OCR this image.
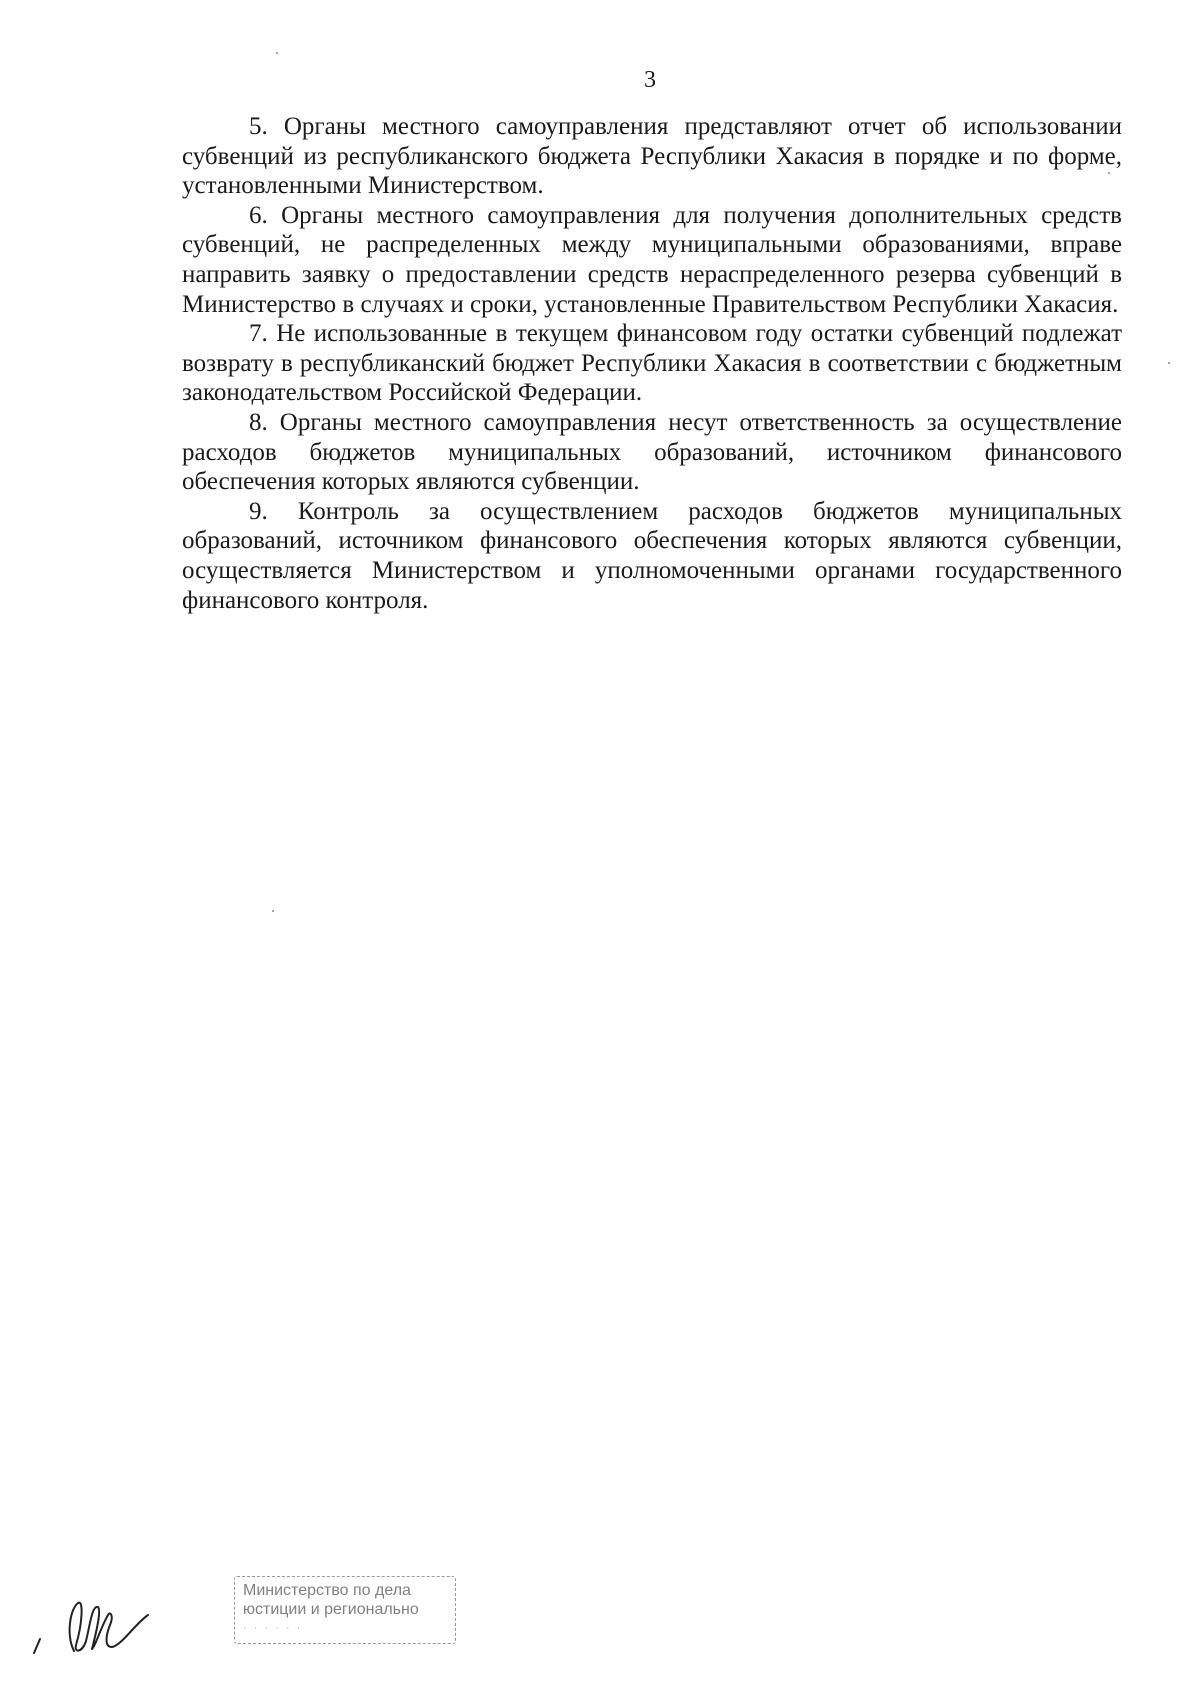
3

5. Органы местного самоуправления представляют отчет об использовании субвенций из республиканского бюджета Республики Хакасия в порядке и по форме, установленными Министерством.

6. Органы местного самоуправления для получения дополнительных средств субвенций, не распределенных между муниципальными образованиями, вправе направить заявку о предоставлении средств нераспределенного резерва субвенций в Министерство в случаях и сроки, установленные Правительством Республики Хакасия.

7. Не использованные в текущем финансовом году остатки субвенций подлежат возврату в республиканский бюджет Республики Хакасия в соответствии с бюджетным законодательством Российской Федерации.

8. Органы местного самоуправления несут ответственность за осуществление расходов бюджетов муниципальных образований, источником финансового обеспечения которых являются субвенции.

9. Контроль за осуществлением расходов бюджетов муниципальных образований, источником финансового обеспечения которых являются субвенции, осуществляется Министерством и уполномоченными органами государственного финансового контроля.

Министерство по дела
юстиции и регионально
· · · · · ·
